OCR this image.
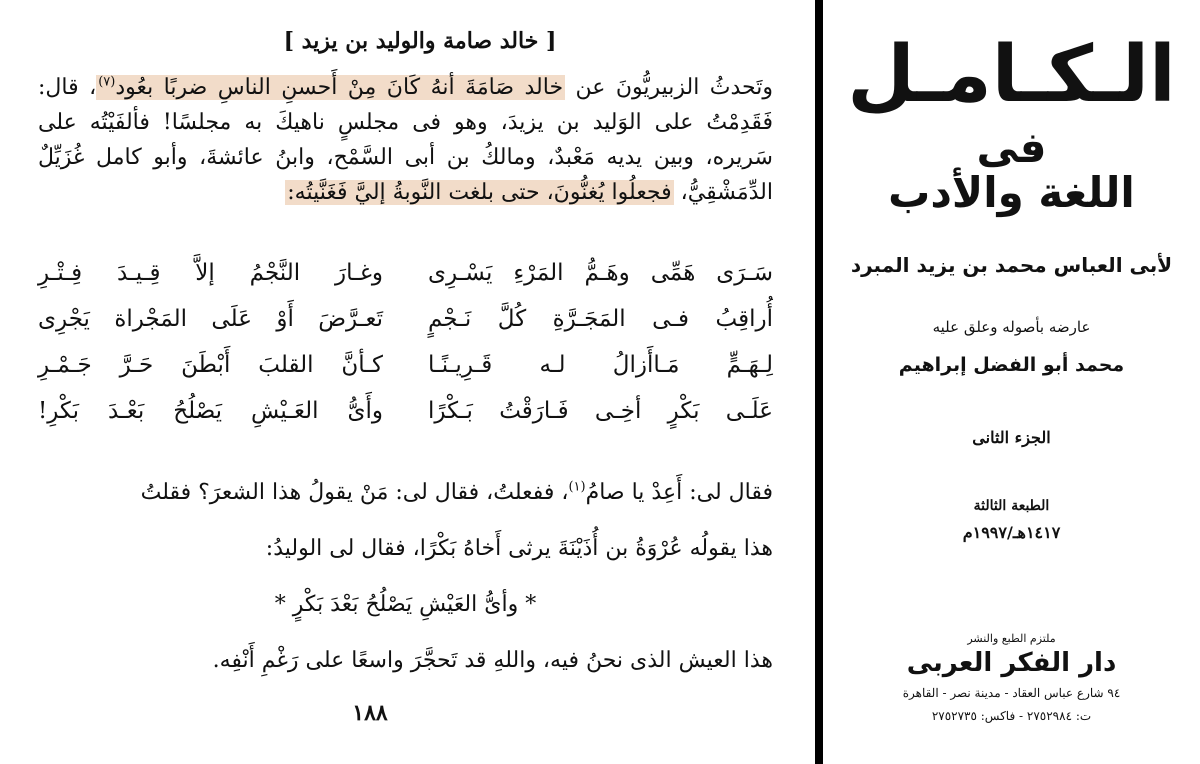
[ خالد صامة والوليد بن يزيد ]

وتَحدثُ الزبيريُّونَ عن خالد صَامَةَ أنهُ كَانَ مِنْ أَحسنِ الناسِ ضربًا بعُود$^{(٧)}$، قال: فَقَدِمْتُ على الوَليد بن يزيدَ، وهو فى مجلسٍ ناهيكَ به مجلسًا! فألفَيْتُه على سَريره، وبين يديه مَعْبدٌ، ومالكُ بن أبى السَّمْح، وابنُ عائشةَ، وأبو كامل غُزَيِّلٌ الدِّمَشْقِيُّ، فجعلُوا يُغنُّونَ، حتى بلغت النَّوبةُ إليَّ فَغَنَّيتُه:

سَـرَى هَمِّى وهَـمُّ المَرْءِ يَسْـرِى
وغـارَ النَّجْمُ إلاَّ قِـيـدَ فِـتْـرِ
أُراقِبُ فـى المَجَـرَّةِ كُلَّ نَـجْمٍ
تَعـرَّضَ أَوْ عَلَى المَجْراة يَجْرِى
لِـهَـمٍّ مَـاأَزالُ لـه قَـرِيـنًـا
كـأنَّ القلبَ أَبْطَنَ حَـرَّ جَـمْـرِ
عَلَـى بَكْرٍ أخِـى فَـارَقْتُ بَـكْرًا
وأَىُّ العَـيْشِ يَصْلُحُ بَعْـدَ بَكْرِ!

فقال لى: أَعِدْ يا صامُ$^{(١)}$، ففعلتُ، فقال لى: مَنْ يقولُ هذا الشعرَ؟ فقلتُ

هذا يقولُه عُرْوَةُ بن أُذَيْنَةَ يرثى أَخاهُ بَكْرًا، فقال لى الوليدُ:

* وأىُّ العَيْشِ يَصْلُحُ بَعْدَ بَكْرٍ *

هذا العيش الذى نحنُ فيه، واللهِ قد تَحجَّرَ واسعًا على رَغْمِ أَنْفِه.

١٨٨
الـكـامـل
فى
اللغة والأدب
لأبى العباس محمد بن يزيد المبرد
عارضه بأصوله وعلق عليه
محمد أبو الفضل إبراهيم
الجزء الثانى
الطبعة الثالثة
١٤١٧هـ/١٩٩٧م
ملتزم الطبع والنشر
دار الفكر العربى
٩٤ شارع عباس العقاد - مدينة نصر - القاهرة
ت: ٢٧٥٢٩٨٤ - فاكس: ٢٧٥٢٧٣٥
